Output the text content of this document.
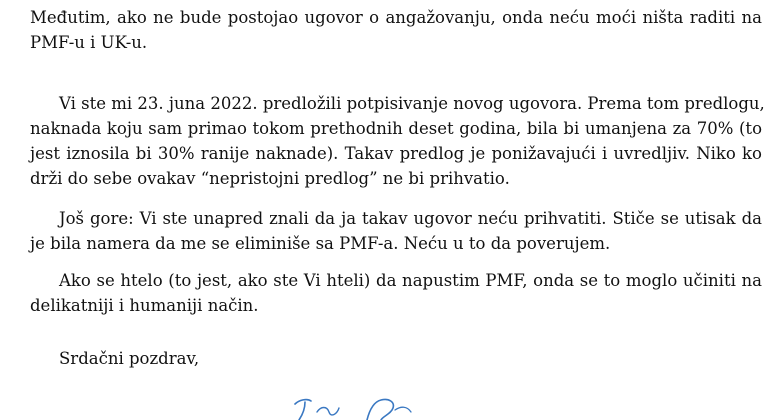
Međutim, ako ne bude postojao ugovor o angažovanju, onda neću moći ništa raditi na
PMF-u i UK-u.

Vi ste mi 23. juna 2022. predložili potpisivanje novog ugovora. Prema tom predlogu,
naknada koju sam primao tokom prethodnih deset godina, bila bi umanjena za 70% (to
jest iznosila bi 30% ranije naknade). Takav predlog je ponižavajući i uvredljiv. Niko ko
drži do sebe ovakav “nepristojni predlog” ne bi prihvatio.

Još gore: Vi ste unapred znali da ja takav ugovor neću prihvatiti. Stiče se utisak da
je bila namera da me se eliminiše sa PMF-a. Neću u to da poverujem.

Ako se htelo (to jest, ako ste Vi hteli) da napustim PMF, onda se to moglo učiniti na
delikatniji i humaniji način.

Srdačni pozdrav,
